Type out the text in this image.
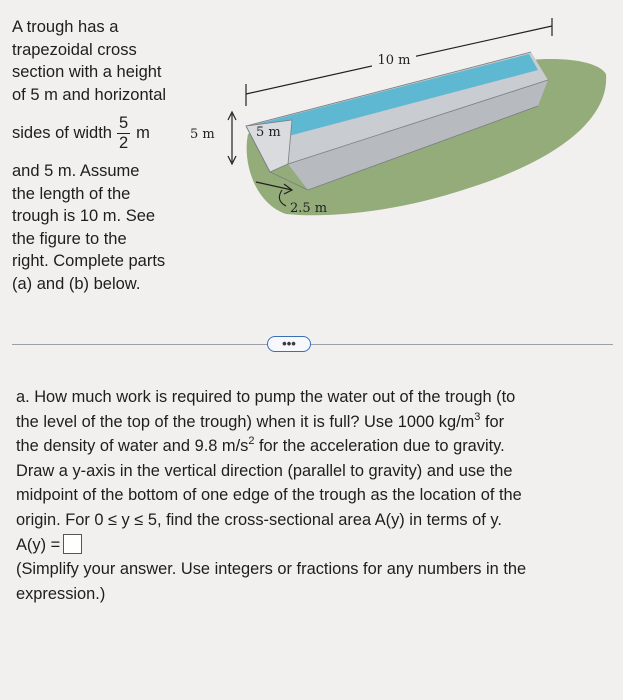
A trough has a
trapezoidal cross
section with a height
of 5 m and horizontal
sides of width $\frac{5}{2}$ m
and 5 m. Assume
the length of the
trough is 10 m. See
the figure to the
right. Complete parts
(a) and (b) below.
10 m
5 m	5 m
2.5 m
•••
a. How much work is required to pump the water out of the trough (to
the level of the top of the trough) when it is full? Use 1000 $kg/m^3$ for
the density of water and 9.8 $m/s^2$ for the acceleration due to gravity.
Draw a y-axis in the vertical direction (parallel to gravity) and use the
midpoint of the bottom of one edge of the trough as the location of the
origin. For 0 ≤ y ≤ 5, find the cross-sectional area A(y) in terms of y.
A(y) =
(Simplify your answer. Use integers or fractions for any numbers in the
expression.)
